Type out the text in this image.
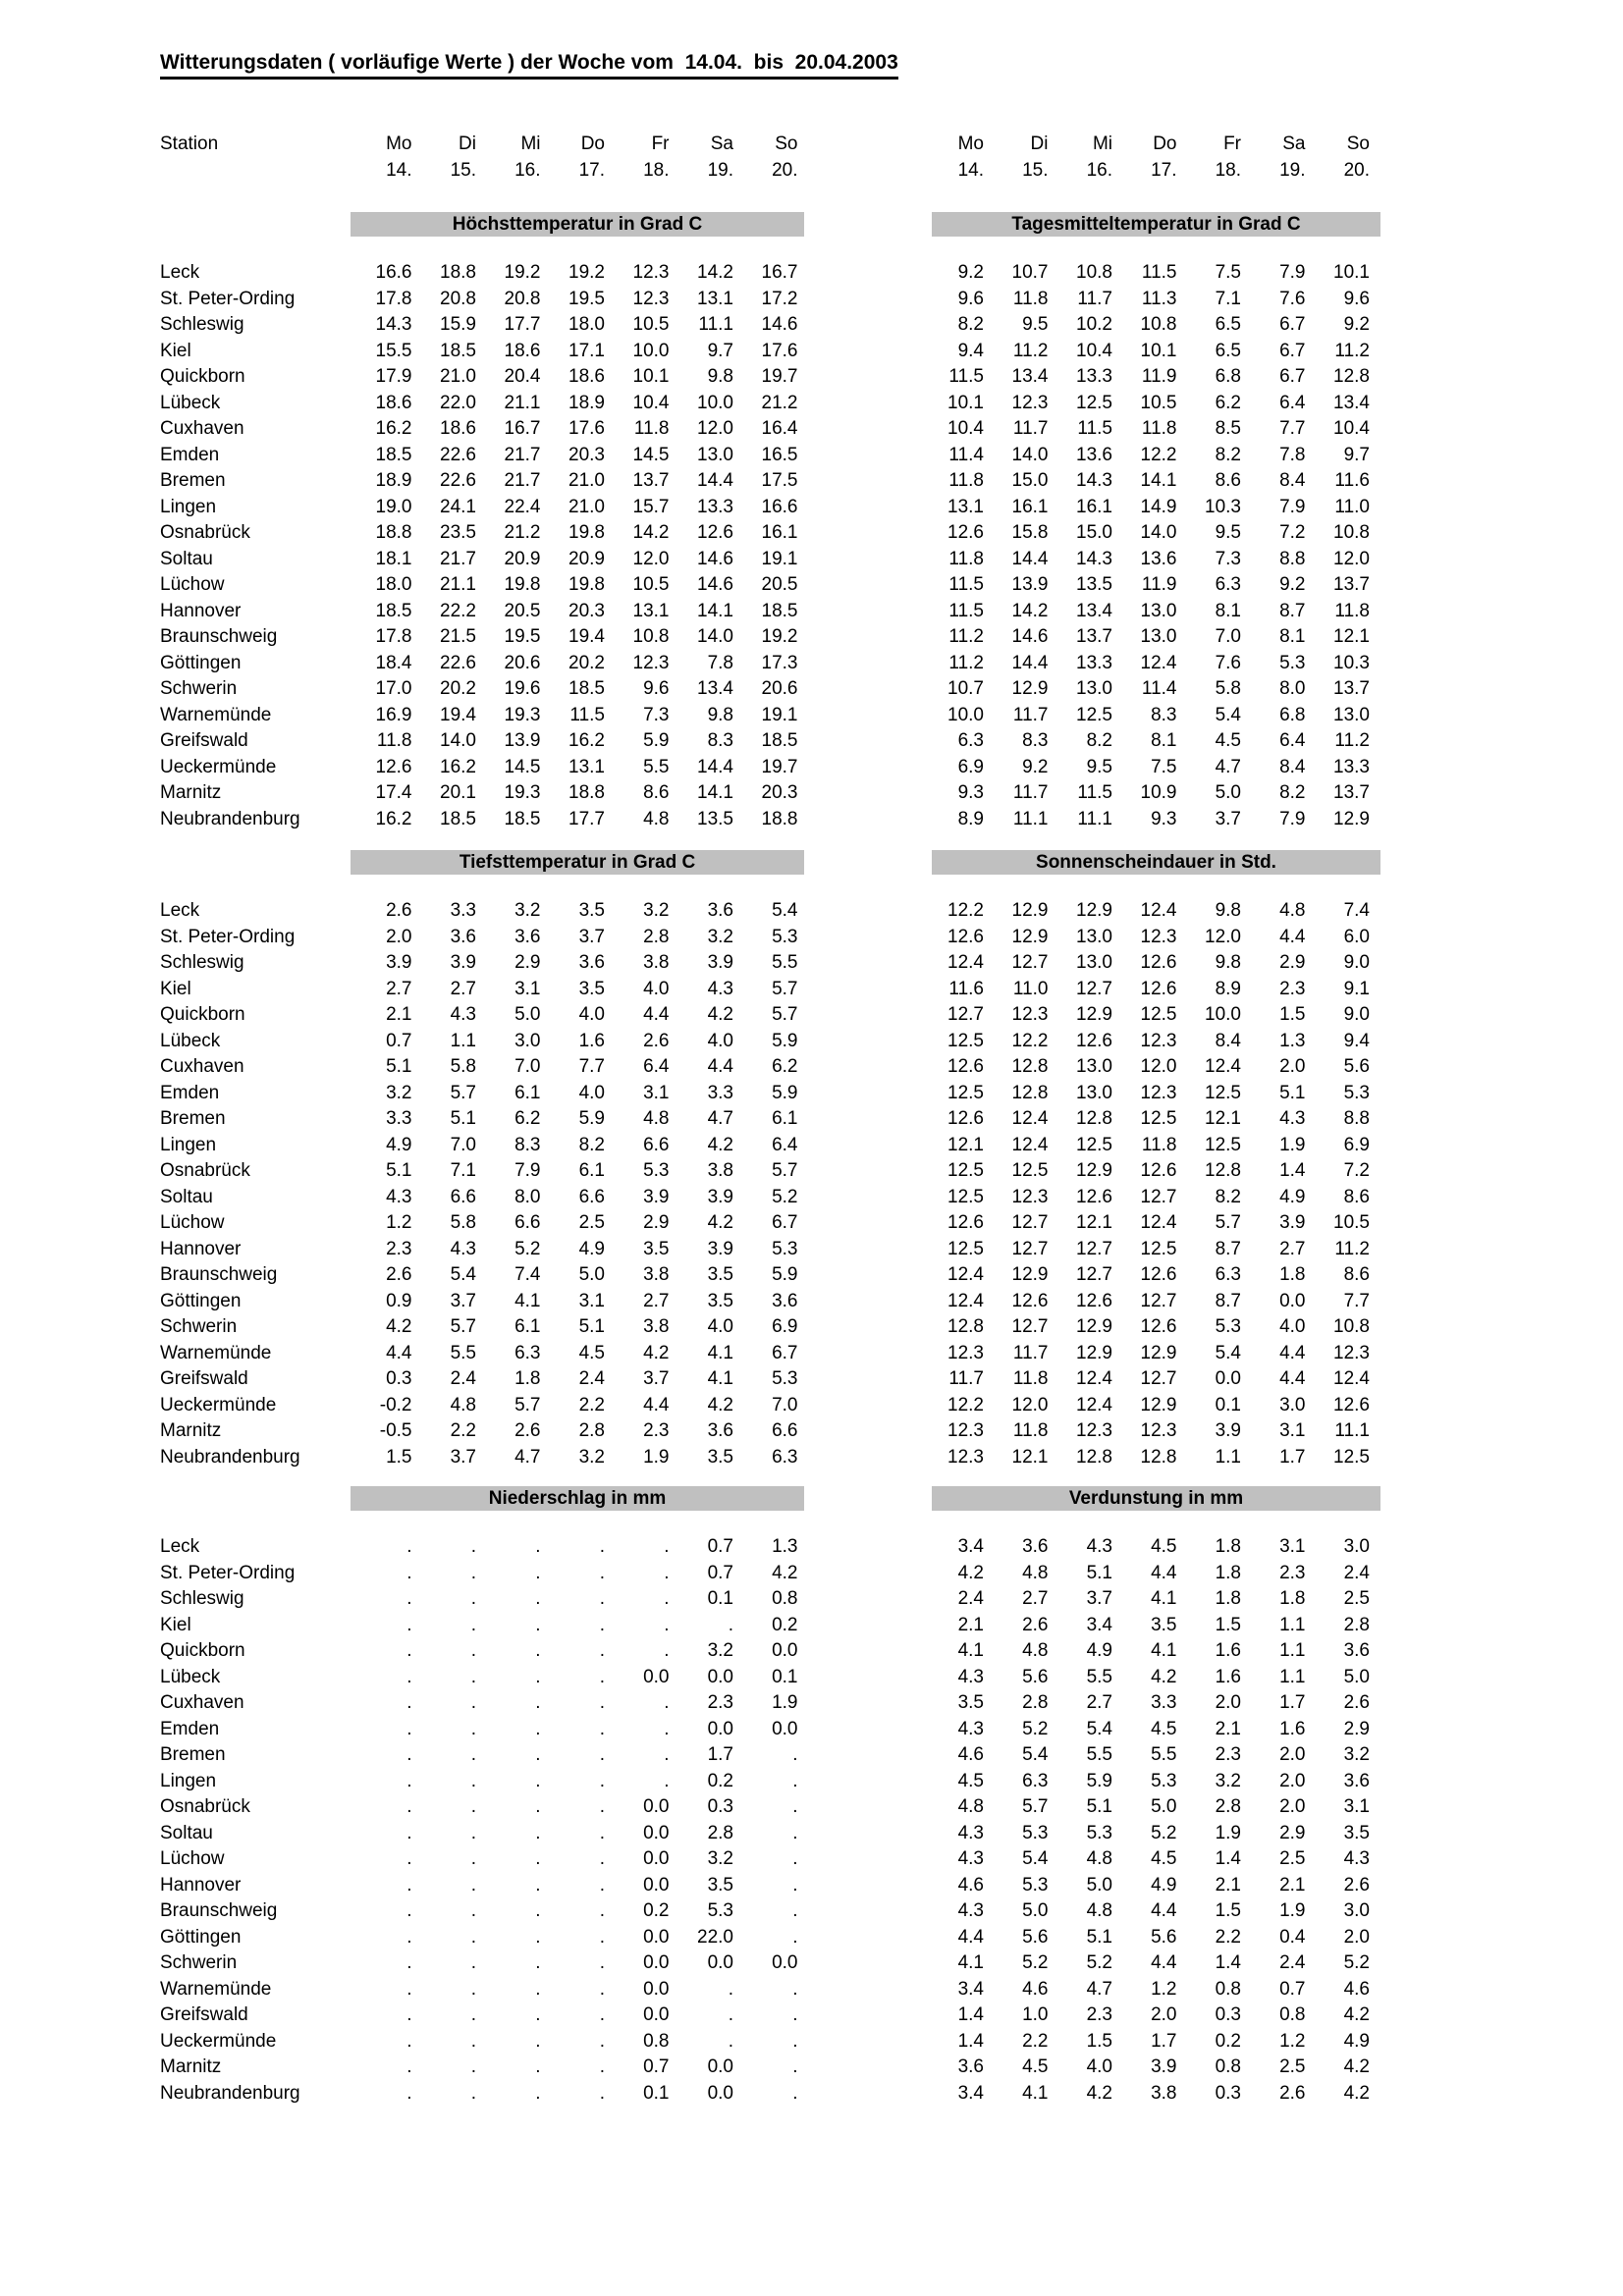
Witterungsdaten ( vorläufige Werte ) der Woche vom  14.04.  bis  20.04.2003
Station	Mo	Di	Mi	Do	Fr	Sa	So	Mo	Di	Mi	Do	Fr	Sa	So
14.	15.	16.	17.	18.	19.	20.	14.	15.	16.	17.	18.	19.	20.
Höchsttemperatur in Grad C	Tagesmitteltemperatur in Grad C
Leck	16.6	18.8	19.2	19.2	12.3	14.2	16.7	9.2	10.7	10.8	11.5	7.5	7.9	10.1
St. Peter-Ording	17.8	20.8	20.8	19.5	12.3	13.1	17.2	9.6	11.8	11.7	11.3	7.1	7.6	9.6
Schleswig	14.3	15.9	17.7	18.0	10.5	11.1	14.6	8.2	9.5	10.2	10.8	6.5	6.7	9.2
Kiel	15.5	18.5	18.6	17.1	10.0	9.7	17.6	9.4	11.2	10.4	10.1	6.5	6.7	11.2
Quickborn	17.9	21.0	20.4	18.6	10.1	9.8	19.7	11.5	13.4	13.3	11.9	6.8	6.7	12.8
Lübeck	18.6	22.0	21.1	18.9	10.4	10.0	21.2	10.1	12.3	12.5	10.5	6.2	6.4	13.4
Cuxhaven	16.2	18.6	16.7	17.6	11.8	12.0	16.4	10.4	11.7	11.5	11.8	8.5	7.7	10.4
Emden	18.5	22.6	21.7	20.3	14.5	13.0	16.5	11.4	14.0	13.6	12.2	8.2	7.8	9.7
Bremen	18.9	22.6	21.7	21.0	13.7	14.4	17.5	11.8	15.0	14.3	14.1	8.6	8.4	11.6
Lingen	19.0	24.1	22.4	21.0	15.7	13.3	16.6	13.1	16.1	16.1	14.9	10.3	7.9	11.0
Osnabrück	18.8	23.5	21.2	19.8	14.2	12.6	16.1	12.6	15.8	15.0	14.0	9.5	7.2	10.8
Soltau	18.1	21.7	20.9	20.9	12.0	14.6	19.1	11.8	14.4	14.3	13.6	7.3	8.8	12.0
Lüchow	18.0	21.1	19.8	19.8	10.5	14.6	20.5	11.5	13.9	13.5	11.9	6.3	9.2	13.7
Hannover	18.5	22.2	20.5	20.3	13.1	14.1	18.5	11.5	14.2	13.4	13.0	8.1	8.7	11.8
Braunschweig	17.8	21.5	19.5	19.4	10.8	14.0	19.2	11.2	14.6	13.7	13.0	7.0	8.1	12.1
Göttingen	18.4	22.6	20.6	20.2	12.3	7.8	17.3	11.2	14.4	13.3	12.4	7.6	5.3	10.3
Schwerin	17.0	20.2	19.6	18.5	9.6	13.4	20.6	10.7	12.9	13.0	11.4	5.8	8.0	13.7
Warnemünde	16.9	19.4	19.3	11.5	7.3	9.8	19.1	10.0	11.7	12.5	8.3	5.4	6.8	13.0
Greifswald	11.8	14.0	13.9	16.2	5.9	8.3	18.5	6.3	8.3	8.2	8.1	4.5	6.4	11.2
Ueckermünde	12.6	16.2	14.5	13.1	5.5	14.4	19.7	6.9	9.2	9.5	7.5	4.7	8.4	13.3
Marnitz	17.4	20.1	19.3	18.8	8.6	14.1	20.3	9.3	11.7	11.5	10.9	5.0	8.2	13.7
Neubrandenburg	16.2	18.5	18.5	17.7	4.8	13.5	18.8	8.9	11.1	11.1	9.3	3.7	7.9	12.9
Tiefsttemperatur in Grad C	Sonnenscheindauer in Std.
Leck	2.6	3.3	3.2	3.5	3.2	3.6	5.4	12.2	12.9	12.9	12.4	9.8	4.8	7.4
St. Peter-Ording	2.0	3.6	3.6	3.7	2.8	3.2	5.3	12.6	12.9	13.0	12.3	12.0	4.4	6.0
Schleswig	3.9	3.9	2.9	3.6	3.8	3.9	5.5	12.4	12.7	13.0	12.6	9.8	2.9	9.0
Kiel	2.7	2.7	3.1	3.5	4.0	4.3	5.7	11.6	11.0	12.7	12.6	8.9	2.3	9.1
Quickborn	2.1	4.3	5.0	4.0	4.4	4.2	5.7	12.7	12.3	12.9	12.5	10.0	1.5	9.0
Lübeck	0.7	1.1	3.0	1.6	2.6	4.0	5.9	12.5	12.2	12.6	12.3	8.4	1.3	9.4
Cuxhaven	5.1	5.8	7.0	7.7	6.4	4.4	6.2	12.6	12.8	13.0	12.0	12.4	2.0	5.6
Emden	3.2	5.7	6.1	4.0	3.1	3.3	5.9	12.5	12.8	13.0	12.3	12.5	5.1	5.3
Bremen	3.3	5.1	6.2	5.9	4.8	4.7	6.1	12.6	12.4	12.8	12.5	12.1	4.3	8.8
Lingen	4.9	7.0	8.3	8.2	6.6	4.2	6.4	12.1	12.4	12.5	11.8	12.5	1.9	6.9
Osnabrück	5.1	7.1	7.9	6.1	5.3	3.8	5.7	12.5	12.5	12.9	12.6	12.8	1.4	7.2
Soltau	4.3	6.6	8.0	6.6	3.9	3.9	5.2	12.5	12.3	12.6	12.7	8.2	4.9	8.6
Lüchow	1.2	5.8	6.6	2.5	2.9	4.2	6.7	12.6	12.7	12.1	12.4	5.7	3.9	10.5
Hannover	2.3	4.3	5.2	4.9	3.5	3.9	5.3	12.5	12.7	12.7	12.5	8.7	2.7	11.2
Braunschweig	2.6	5.4	7.4	5.0	3.8	3.5	5.9	12.4	12.9	12.7	12.6	6.3	1.8	8.6
Göttingen	0.9	3.7	4.1	3.1	2.7	3.5	3.6	12.4	12.6	12.6	12.7	8.7	0.0	7.7
Schwerin	4.2	5.7	6.1	5.1	3.8	4.0	6.9	12.8	12.7	12.9	12.6	5.3	4.0	10.8
Warnemünde	4.4	5.5	6.3	4.5	4.2	4.1	6.7	12.3	11.7	12.9	12.9	5.4	4.4	12.3
Greifswald	0.3	2.4	1.8	2.4	3.7	4.1	5.3	11.7	11.8	12.4	12.7	0.0	4.4	12.4
Ueckermünde	-0.2	4.8	5.7	2.2	4.4	4.2	7.0	12.2	12.0	12.4	12.9	0.1	3.0	12.6
Marnitz	-0.5	2.2	2.6	2.8	2.3	3.6	6.6	12.3	11.8	12.3	12.3	3.9	3.1	11.1
Neubrandenburg	1.5	3.7	4.7	3.2	1.9	3.5	6.3	12.3	12.1	12.8	12.8	1.1	1.7	12.5
Niederschlag in mm	Verdunstung in mm
Leck	.	.	.	.	.	0.7	1.3	3.4	3.6	4.3	4.5	1.8	3.1	3.0
St. Peter-Ording	.	.	.	.	.	0.7	4.2	4.2	4.8	5.1	4.4	1.8	2.3	2.4
Schleswig	.	.	.	.	.	0.1	0.8	2.4	2.7	3.7	4.1	1.8	1.8	2.5
Kiel	.	.	.	.	.	.	0.2	2.1	2.6	3.4	3.5	1.5	1.1	2.8
Quickborn	.	.	.	.	.	3.2	0.0	4.1	4.8	4.9	4.1	1.6	1.1	3.6
Lübeck	.	.	.	.	0.0	0.0	0.1	4.3	5.6	5.5	4.2	1.6	1.1	5.0
Cuxhaven	.	.	.	.	.	2.3	1.9	3.5	2.8	2.7	3.3	2.0	1.7	2.6
Emden	.	.	.	.	.	0.0	0.0	4.3	5.2	5.4	4.5	2.1	1.6	2.9
Bremen	.	.	.	.	.	1.7	.	4.6	5.4	5.5	5.5	2.3	2.0	3.2
Lingen	.	.	.	.	.	0.2	.	4.5	6.3	5.9	5.3	3.2	2.0	3.6
Osnabrück	.	.	.	.	0.0	0.3	.	4.8	5.7	5.1	5.0	2.8	2.0	3.1
Soltau	.	.	.	.	0.0	2.8	.	4.3	5.3	5.3	5.2	1.9	2.9	3.5
Lüchow	.	.	.	.	0.0	3.2	.	4.3	5.4	4.8	4.5	1.4	2.5	4.3
Hannover	.	.	.	.	0.0	3.5	.	4.6	5.3	5.0	4.9	2.1	2.1	2.6
Braunschweig	.	.	.	.	0.2	5.3	.	4.3	5.0	4.8	4.4	1.5	1.9	3.0
Göttingen	.	.	.	.	0.0	22.0	.	4.4	5.6	5.1	5.6	2.2	0.4	2.0
Schwerin	.	.	.	.	0.0	0.0	0.0	4.1	5.2	5.2	4.4	1.4	2.4	5.2
Warnemünde	.	.	.	.	0.0	.	.	3.4	4.6	4.7	1.2	0.8	0.7	4.6
Greifswald	.	.	.	.	0.0	.	.	1.4	1.0	2.3	2.0	0.3	0.8	4.2
Ueckermünde	.	.	.	.	0.8	.	.	1.4	2.2	1.5	1.7	0.2	1.2	4.9
Marnitz	.	.	.	.	0.7	0.0	.	3.6	4.5	4.0	3.9	0.8	2.5	4.2
Neubrandenburg	.	.	.	.	0.1	0.0	.	3.4	4.1	4.2	3.8	0.3	2.6	4.2
